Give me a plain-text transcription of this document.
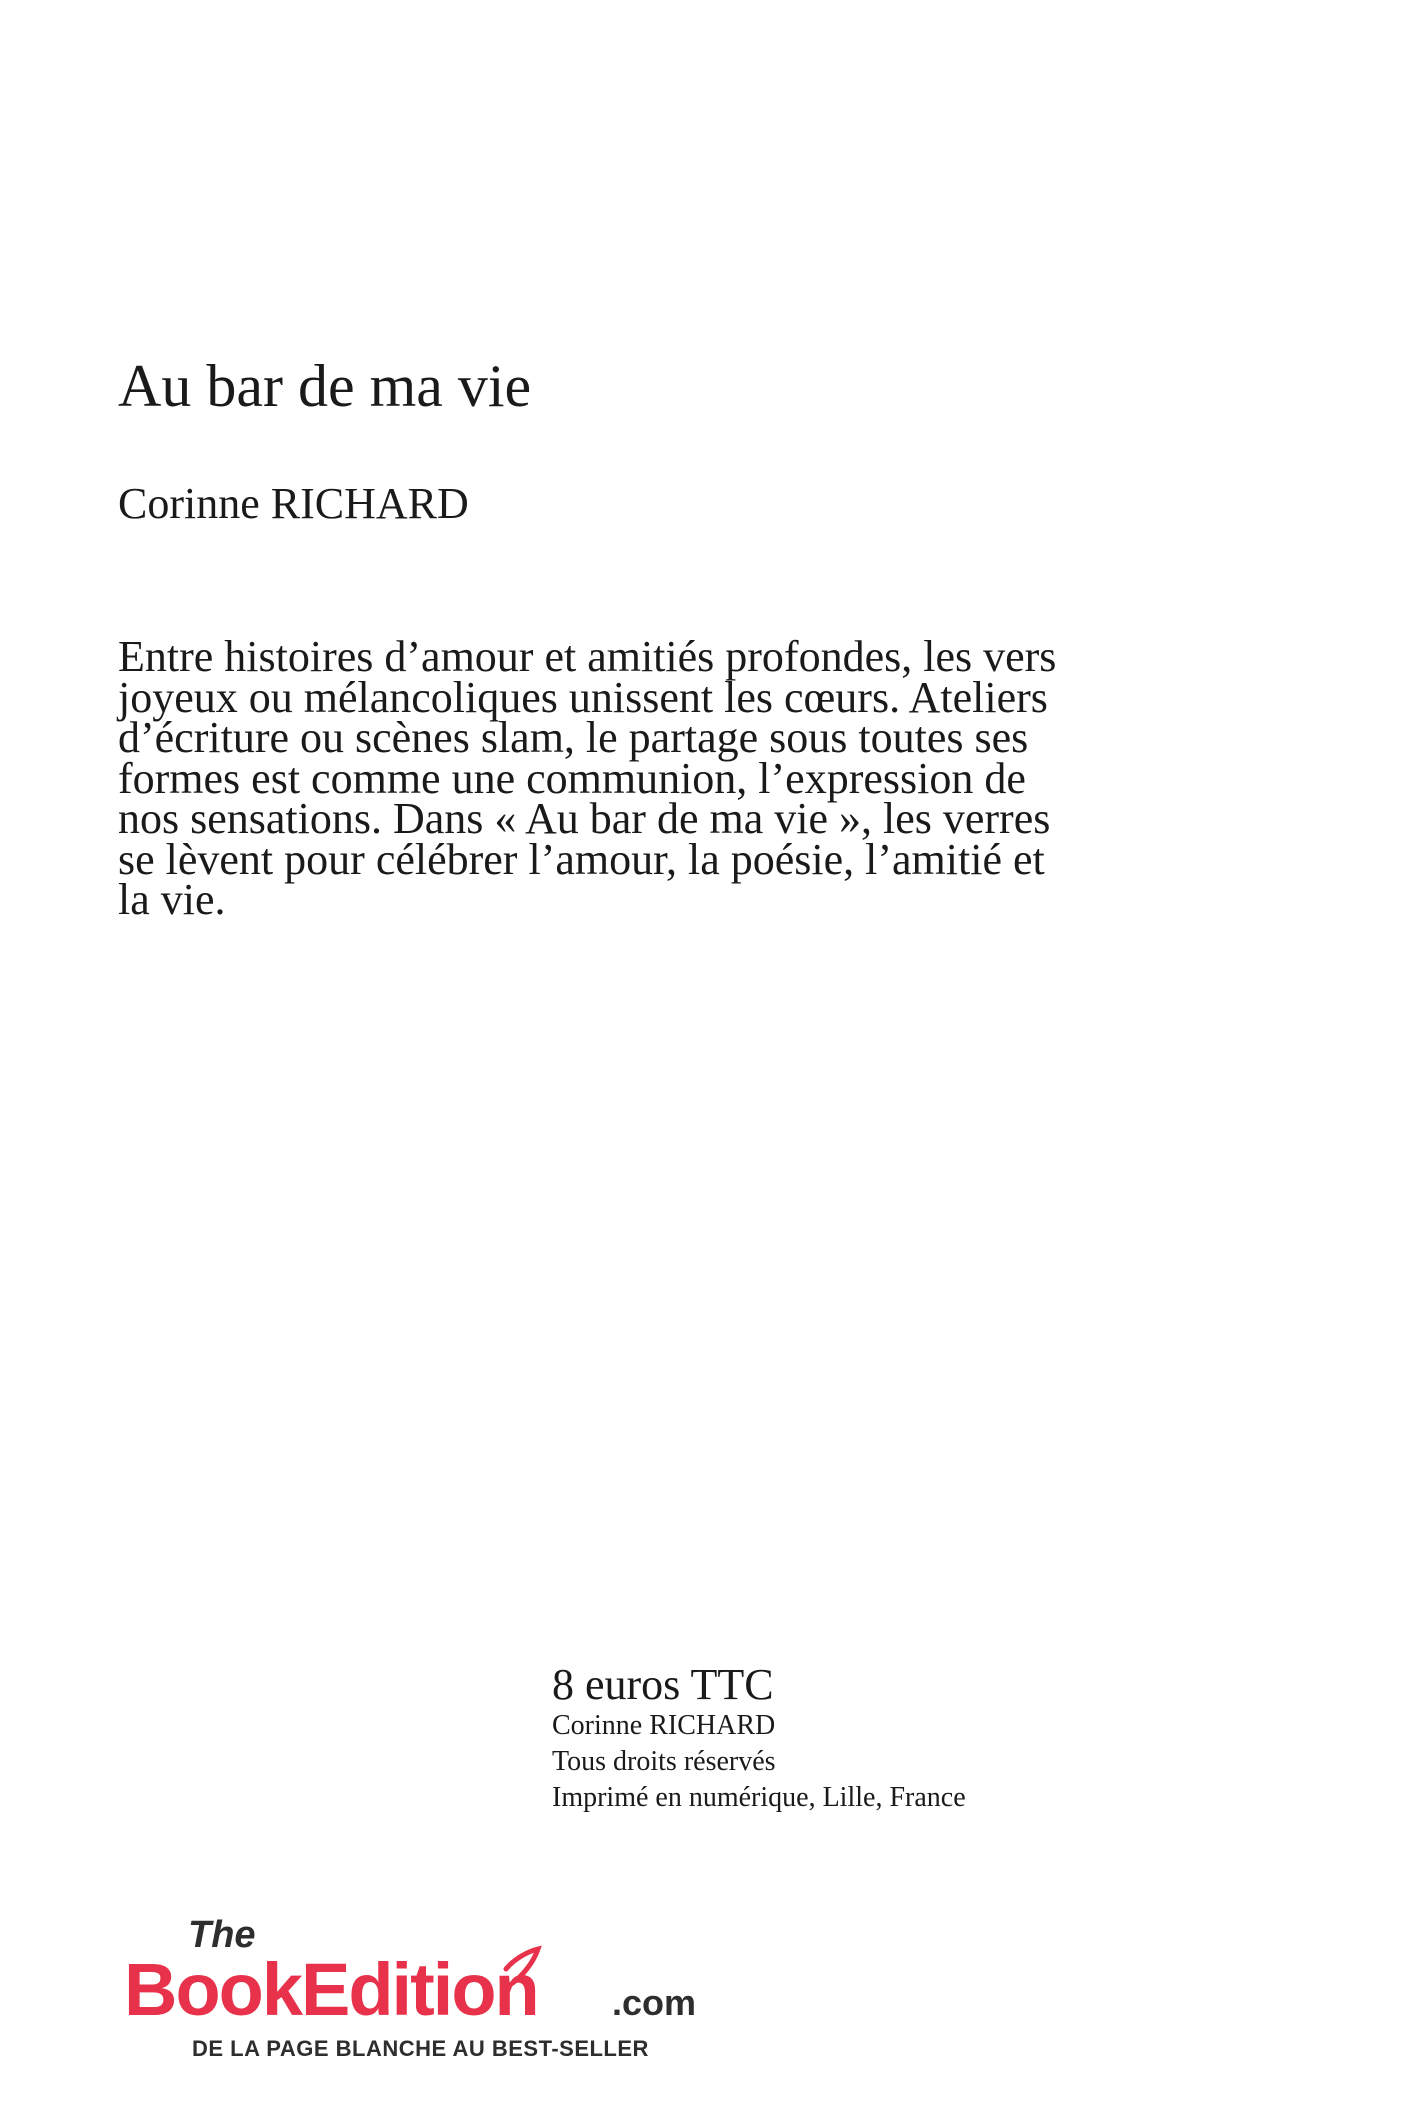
Au bar de ma vie
Corinne RICHARD

Entre histoires d’amour et amitiés profondes, les vers joyeux ou mélancoliques unissent les cœurs. Ateliers d’écriture ou scènes slam, le partage sous toutes ses formes est comme une communion, l’expression de nos sensations. Dans « Au bar de ma vie », les verres se lèvent pour célébrer l’amour, la poésie, l’amitié et la vie.

8 euros TTC
Corinne RICHARD
Tous droits réservés
Imprimé en numérique, Lille, France
The
BookEdition .com
DE LA PAGE BLANCHE AU BEST-SELLER
